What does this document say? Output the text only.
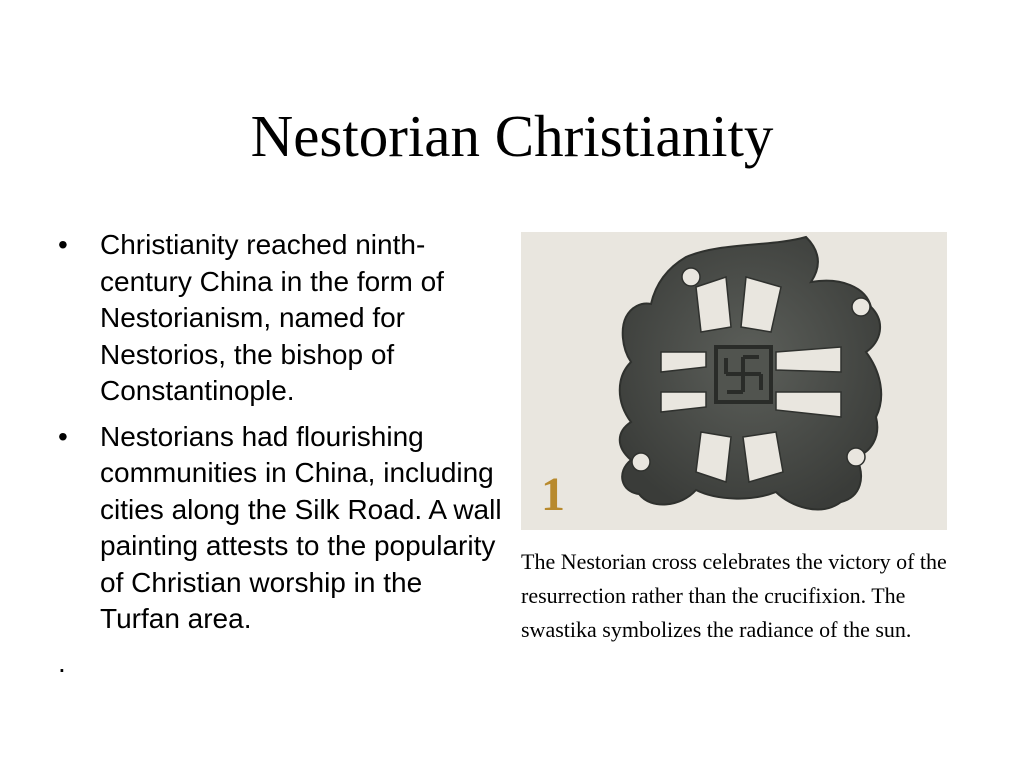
Nestorian Christianity
•	Christianity reached ninth-century China in the form of Nestorianism, named for Nestorios, the bishop of Constantinople.
•	Nestorians had flourishing communities in China, including cities along the Silk Road. A wall painting attests to the popularity of Christian worship in the Turfan area.
.
1
The Nestorian cross celebrates the victory of the resurrection rather than the crucifixion. The swastika symbolizes the radiance of the sun.
